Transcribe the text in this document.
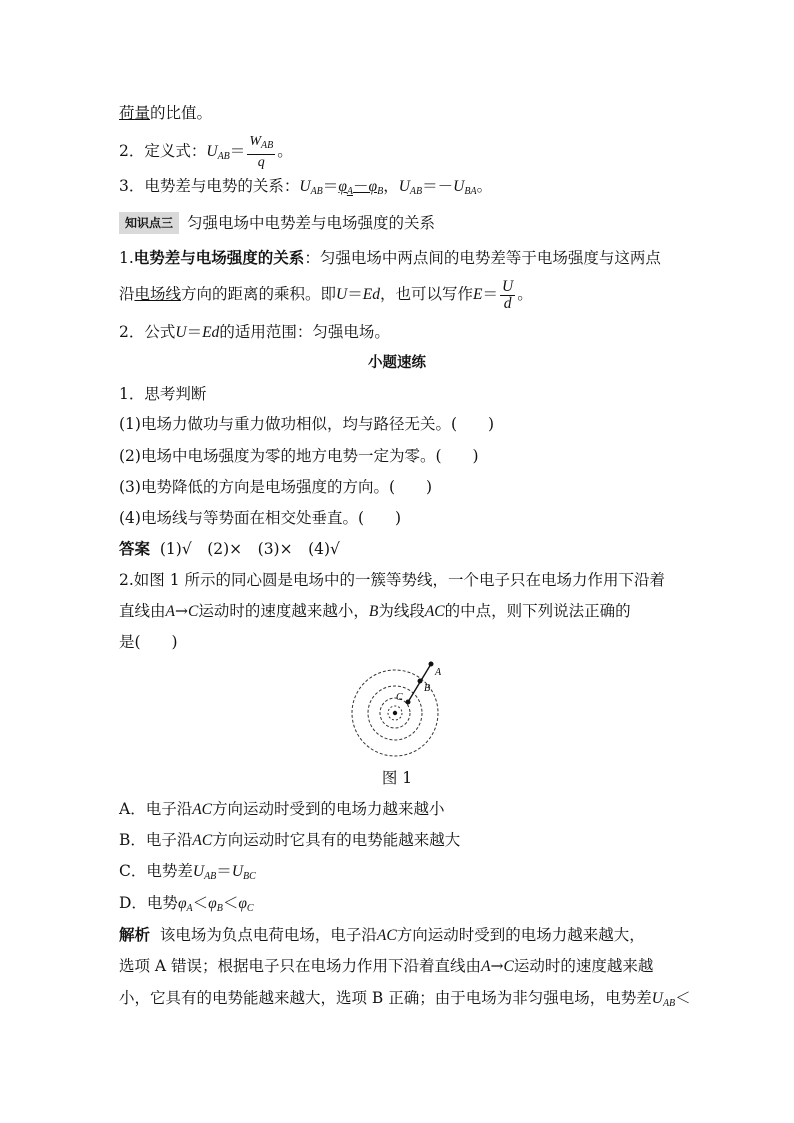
荷量的比值。
2．定义式：$U_{AB}= \frac{W_{AB}}{q}$ 。
3．电势差与电势的关系：$U_{AB}=\varphi_A-\varphi_B$，$U_{AB}=-U_{BA}$。
知识点三 匀强电场中电势差与电场强度的关系
1.电势差与电场强度的关系：匀强电场中两点间的电势差等于电场强度与这两点
沿电场线方向的距离的乘积。即U＝Ed，也可以写作$E= \frac{U}{d}$ 。
2．公式U＝Ed的适用范围：匀强电场。
小题速练
1．思考判断
(1)电场力做功与重力做功相似，均与路径无关。(　　)
(2)电场中电场强度为零的地方电势一定为零。(　　)
(3)电势降低的方向是电场强度的方向。(　　)
(4)电场线与等势面在相交处垂直。(　　)
答案 (1)√　(2)×　(3)×　(4)√
2.如图 1 所示的同心圆是电场中的一簇等势线，一个电子只在电场力作用下沿着
直线由A→C运动时的速度越来越小，B为线段AC的中点，则下列说法正确的
是(　　)
A
B
C
图 1
A．电子沿AC方向运动时受到的电场力越来越小
B．电子沿AC方向运动时它具有的电势能越来越大
C．电势差$U_{AB}=U_{BC}$
D．电势$\varphi_A<\varphi_B<\varphi_C$
解析 该电场为负点电荷电场，电子沿AC方向运动时受到的电场力越来越大，
选项 A 错误；根据电子只在电场力作用下沿着直线由A→C运动时的速度越来越
小，它具有的电势能越来越大，选项 B 正确；由于电场为非匀强电场，电势差$U_{AB}<$
